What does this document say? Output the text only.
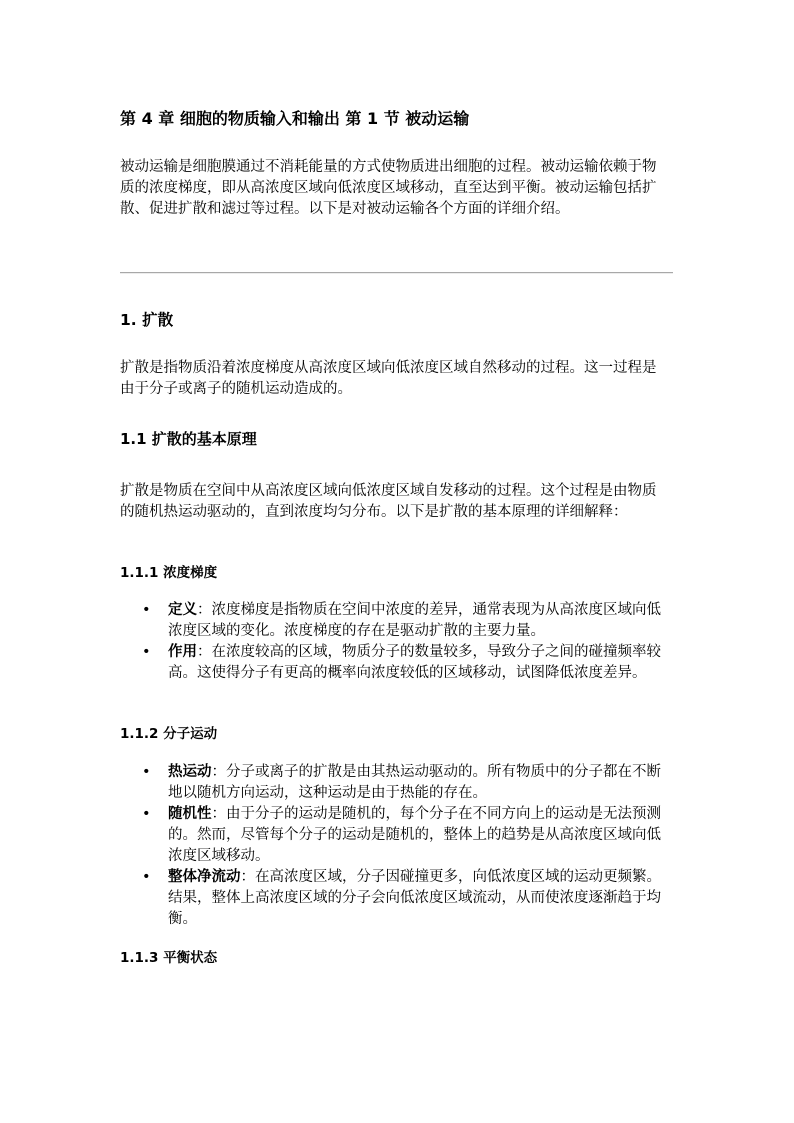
第 4 章 细胞的物质输入和输出 第 1 节 被动运输

被动运输是细胞膜通过不消耗能量的方式使物质进出细胞的过程。被动运输依赖于物质的浓度梯度，即从高浓度区域向低浓度区域移动，直至达到平衡。被动运输包括扩散、促进扩散和滤过等过程。以下是对被动运输各个方面的详细介绍。

1. 扩散

扩散是指物质沿着浓度梯度从高浓度区域向低浓度区域自然移动的过程。这一过程是由于分子或离子的随机运动造成的。

1.1 扩散的基本原理

扩散是物质在空间中从高浓度区域向低浓度区域自发移动的过程。这个过程是由物质的随机热运动驱动的，直到浓度均匀分布。以下是扩散的基本原理的详细解释：

1.1.1 浓度梯度
• 定义：浓度梯度是指物质在空间中浓度的差异，通常表现为从高浓度区域向低浓度区域的变化。浓度梯度的存在是驱动扩散的主要力量。
• 作用：在浓度较高的区域，物质分子的数量较多，导致分子之间的碰撞频率较高。这使得分子有更高的概率向浓度较低的区域移动，试图降低浓度差异。
1.1.2 分子运动
• 热运动：分子或离子的扩散是由其热运动驱动的。所有物质中的分子都在不断地以随机方向运动，这种运动是由于热能的存在。
• 随机性：由于分子的运动是随机的，每个分子在不同方向上的运动是无法预测的。然而，尽管每个分子的运动是随机的，整体上的趋势是从高浓度区域向低浓度区域移动。
• 整体净流动：在高浓度区域，分子因碰撞更多，向低浓度区域的运动更频繁。结果，整体上高浓度区域的分子会向低浓度区域流动，从而使浓度逐渐趋于均衡。
1.1.3 平衡状态
